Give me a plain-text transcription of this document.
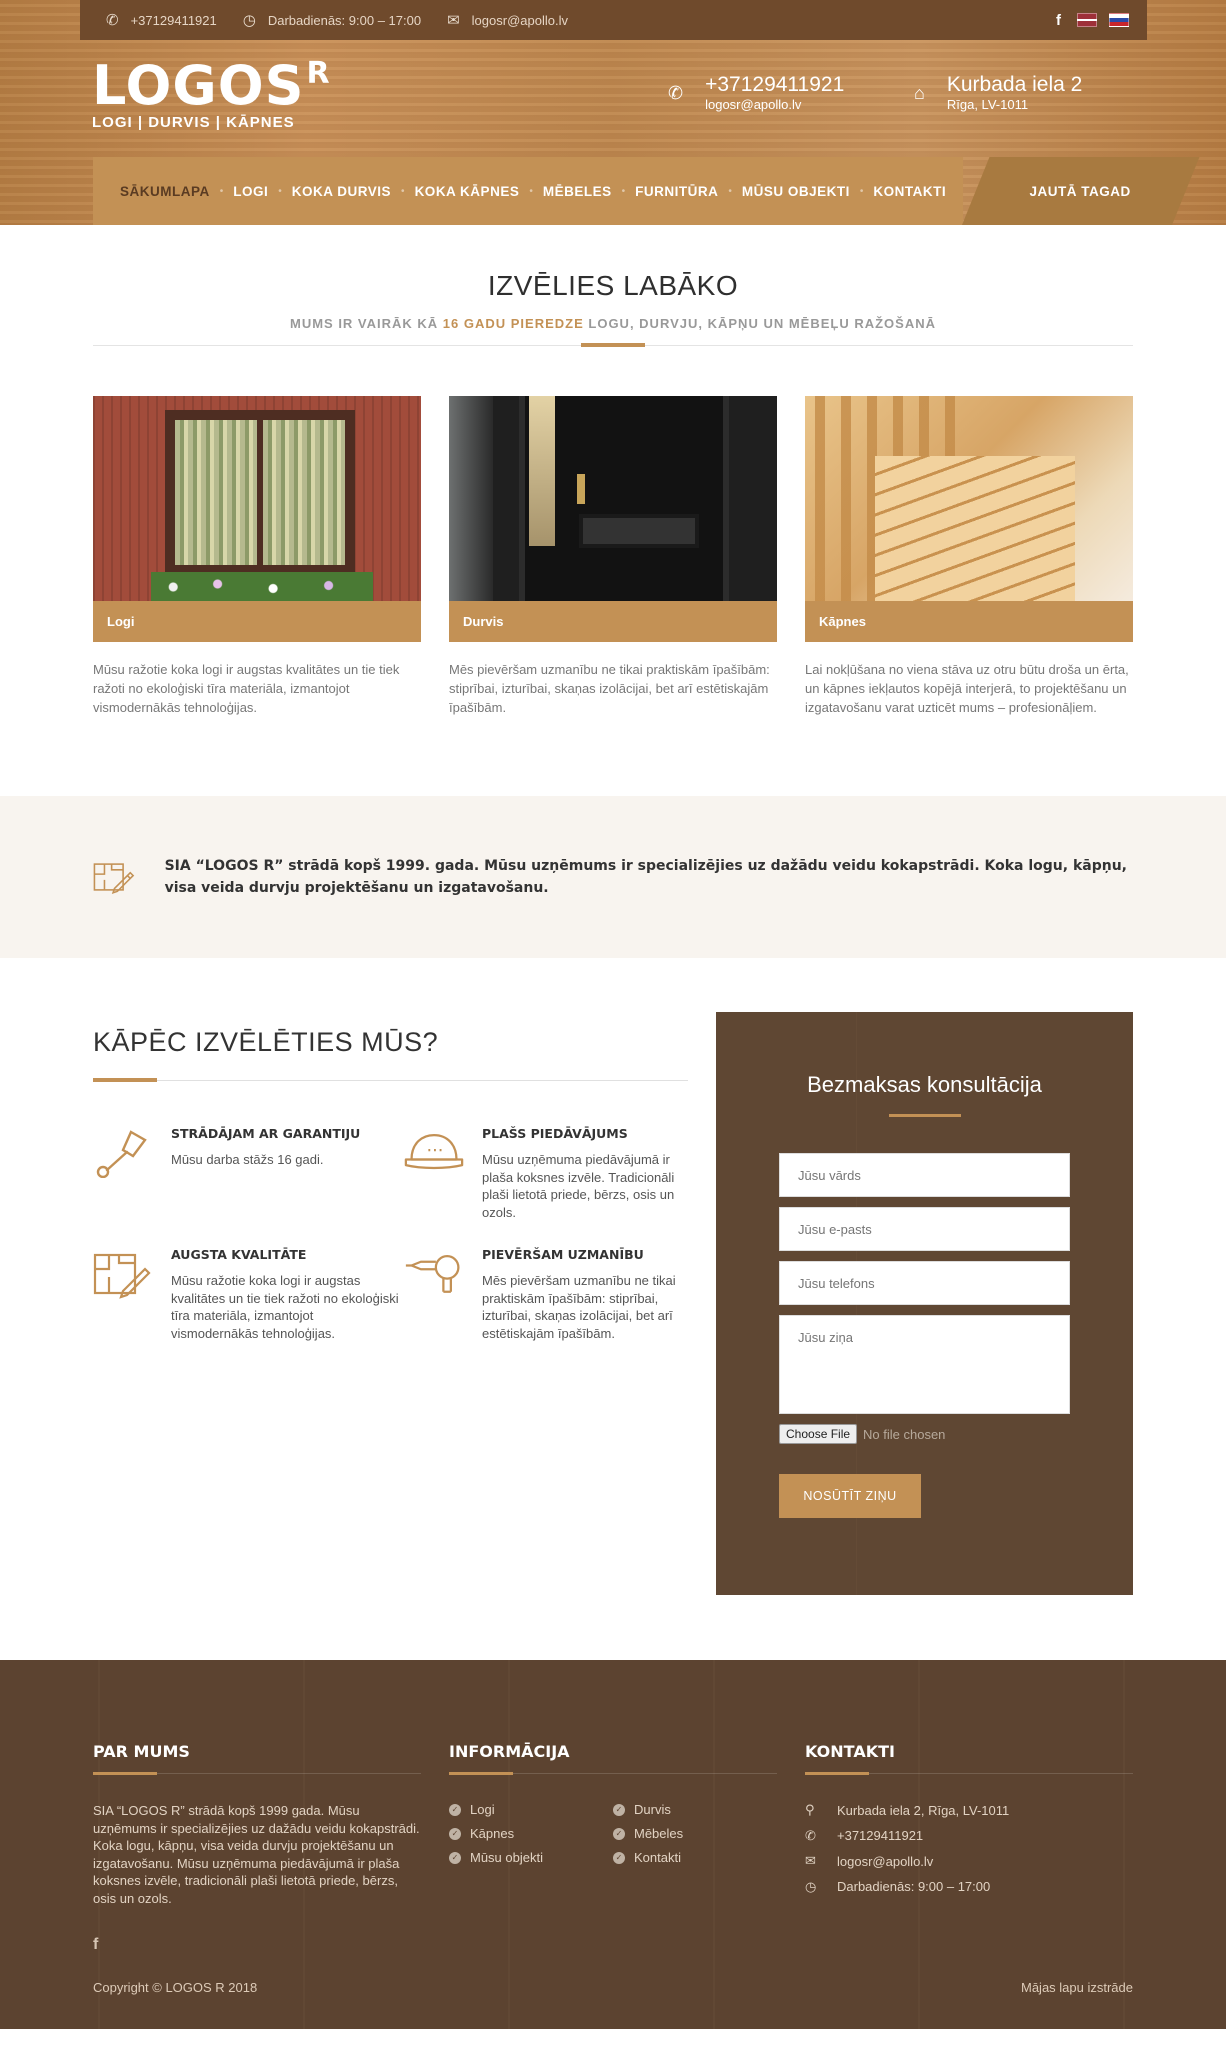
✆ +37129411921 ◷ Darbadienās: 9:00 – 17:00 ✉ logosr@apollo.lv	f
$LOGOS^R$
LOGI | DURVIS | KĀPNES
✆ +37129411921
logosr@apollo.lv
⌂ Kurbada iela 2
Rīga, LV-1011
SĀKUMLAPA • LOGI • KOKA DURVIS • KOKA KĀPNES • MĒBELES • FURNITŪRA • MŪSU OBJEKTI • KONTAKTI	JAUTĀ TAGAD
IZVĒLIES LABĀKO
MUMS IR VAIRĀK KĀ 16 GADU PIEREDZE LOGU, DURVJU, KĀPŅU UN MĒBEĻU RAŽOŠANĀ
Logi

Mūsu ražotie koka logi ir augstas kvalitātes un tie tiek ražoti no ekoloģiski tīra materiāla, izmantojot vismodernākās tehnoloģijas.

Durvis

Mēs pievēršam uzmanību ne tikai praktiskām īpašībām: stiprībai, izturībai, skaņas izolācijai, bet arī estētiskajām īpašībām.

Kāpnes

Lai nokļūšana no viena stāva uz otru būtu droša un ērta, un kāpnes iekļautos kopējā interjerā, to projektēšanu un izgatavošanu varat uzticēt mums – profesionāļiem.

SIA “LOGOS R” strādā kopš 1999. gada. Mūsu uzņēmums ir specializējies uz dažādu veidu kokapstrādi. Koka logu, kāpņu, visa veida durvju projektēšanu un izgatavošanu.

KĀPĒC IZVĒLĒTIES MŪS?
STRĀDĀJAM AR GARANTIJU

Mūsu darba stāžs 16 gadi.

PLAŠS PIEDĀVĀJUMS

Mūsu uzņēmuma piedāvājumā ir plaša koksnes izvēle. Tradicionāli plaši lietotā priede, bērzs, osis un ozols.

AUGSTA KVALITĀTE

Mūsu ražotie koka logi ir augstas kvalitātes un tie tiek ražoti no ekoloģiski tīra materiāla, izmantojot vismodernākās tehnoloģijas.

PIEVĒRŠAM UZMANĪBU

Mēs pievēršam uzmanību ne tikai praktiskām īpašībām: stiprībai, izturībai, skaņas izolācijai, bet arī estētiskajām īpašībām.

Bezmaksas konsultācija
Jūsu vārds
Jūsu e-pasts
Jūsu telefons
Jūsu ziņa
Choose File	No file chosen
NOSŪTĪT ZIŅU
PAR MUMS
SIA “LOGOS R” strādā kopš 1999 gada. Mūsu uzņēmums ir specializējies uz dažādu veidu kokapstrādi.
Koka logu, kāpņu, visa veida durvju projektēšanu un izgatavošanu. Mūsu uzņēmuma piedāvājumā ir plaša koksnes izvēle, tradicionāli plaši lietotā priede, bērzs, osis un ozols.
f
INFORMĀCIJA
✓ Logi	✓ Durvis
✓ Kāpnes	✓ Mēbeles
✓ Mūsu objekti	✓ Kontakti
KONTAKTI
⚲	Kurbada iela 2, Rīga, LV-1011
✆	+37129411921
✉	logosr@apollo.lv
◷	Darbadienās: 9:00 – 17:00
Copyright © LOGOS R 2018	Mājas lapu izstrāde
